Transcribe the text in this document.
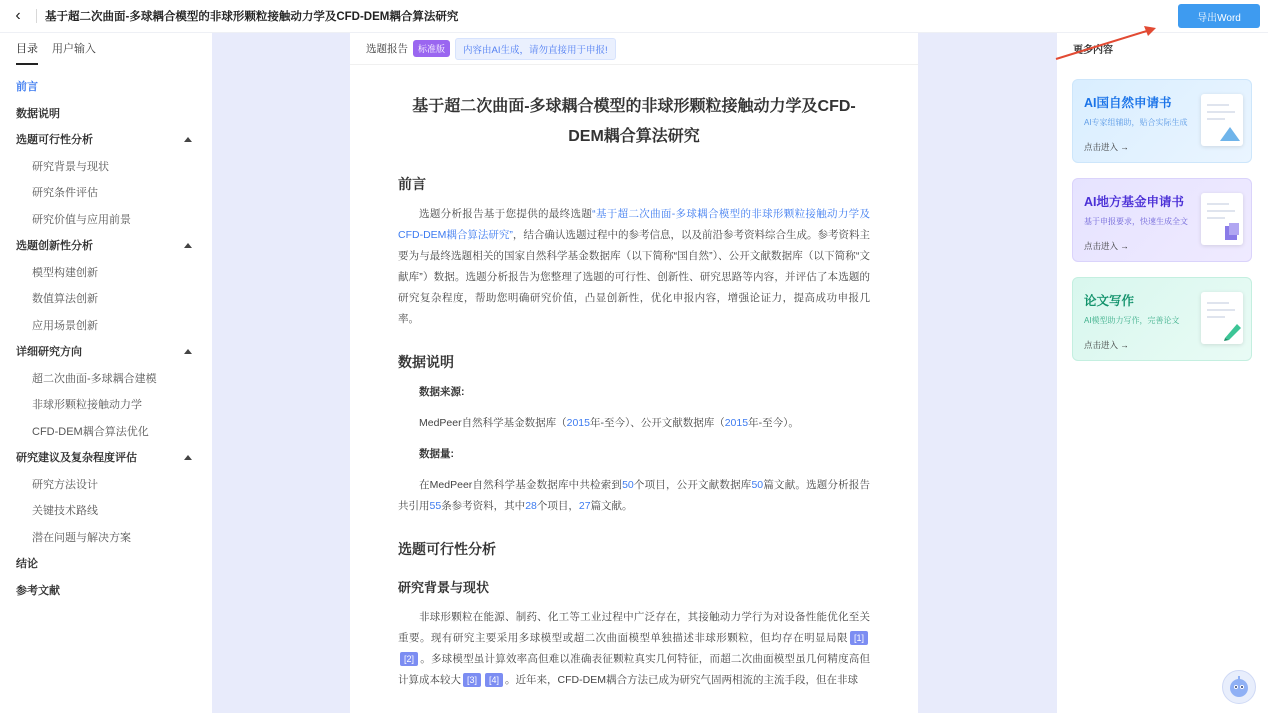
‹ 基于超二次曲面-多球耦合模型的非球形颗粒接触动力学及CFD-DEM耦合算法研究	导出Word
目录 用户输入
前言
数据说明
选题可行性分析
研究背景与现状
研究条件评估
研究价值与应用前景
选题创新性分析
模型构建创新
数值算法创新
应用场景创新
详细研究方向
超二次曲面-多球耦合建模
非球形颗粒接触动力学
CFD-DEM耦合算法优化
研究建议及复杂程度评估
研究方法设计
关键技术路线
潜在问题与解决方案
结论
参考文献
选题报告	标准版	内容由AI生成，请勿直接用于申报!
基于超二次曲面-多球耦合模型的非球形颗粒接触动力学及CFD-DEM耦合算法研究
前言

选题分析报告基于您提供的最终选题“基于超二次曲面-多球耦合模型的非球形颗粒接触动力学及CFD-DEM耦合算法研究”，结合确认选题过程中的参考信息，以及前沿参考资料综合生成。参考资料主要为与最终选题相关的国家自然科学基金数据库（以下简称“国自然”）、公开文献数据库（以下简称“文献库”）数据。选题分析报告为您整理了选题的可行性、创新性、研究思路等内容，并评估了本选题的研究复杂程度，帮助您明确研究价值，凸显创新性，优化申报内容，增强论证力，提高成功申报几率。

数据说明

数据来源:

MedPeer自然科学基金数据库（2015年-至今）、公开文献数据库（2015年-至今）。

数据量:

在MedPeer自然科学基金数据库中共检索到50个项目，公开文献数据库50篇文献。选题分析报告共引用55条参考资料，其中28个项目，27篇文献。

选题可行性分析
研究背景与现状

非球形颗粒在能源、制药、化工等工业过程中广泛存在，其接触动力学行为对设备性能优化至关重要。现有研究主要采用多球模型或超二次曲面模型单独描述非球形颗粒，但均存在明显局限 [1][2] 。多球模型虽计算效率高但难以准确表征颗粒真实几何特征，而超二次曲面模型虽几何精度高但计算成本较大 [3] [4] 。近年来，CFD-DEM耦合方法已成为研究气固两相流的主流手段，但在非球

更多内容
AI国自然申请书
AI专家组辅助，贴合实际生成
点击进入 →
AI地方基金申请书
基于申报要求，快速生成全文
点击进入 →
论文写作
AI模型助力写作，完善论文
点击进入 →
